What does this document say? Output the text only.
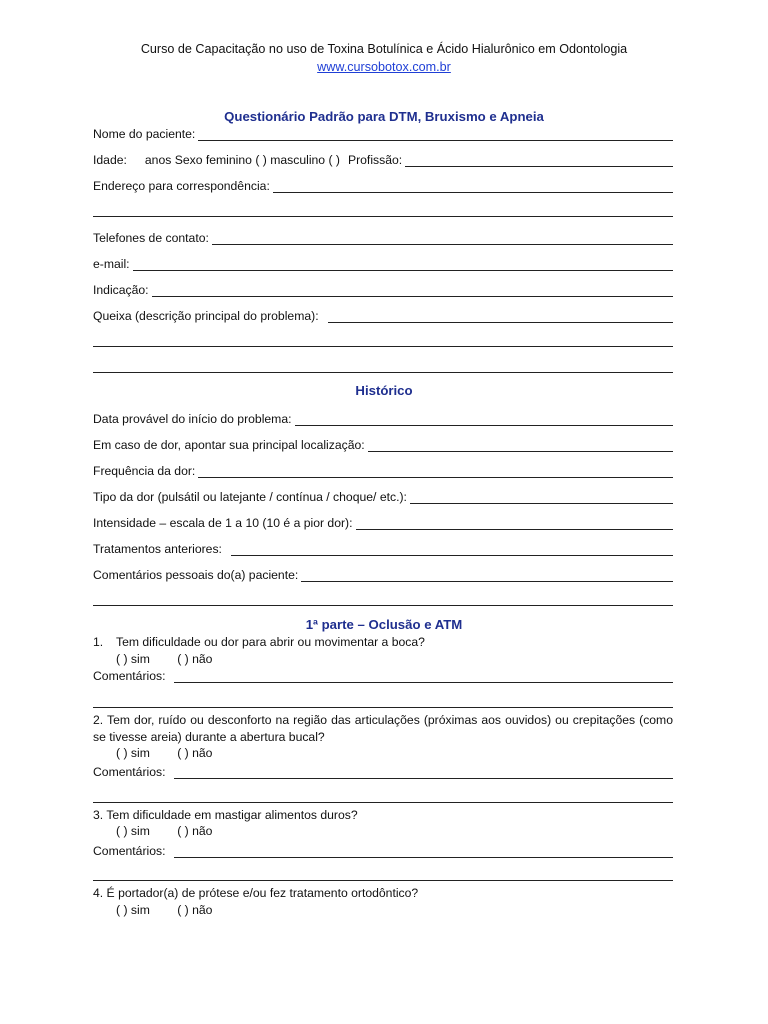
Curso de Capacitação no uso de Toxina Botulínica e Ácido Hialurônico em Odontologia
www.cursobotox.com.br
Questionário Padrão para DTM, Bruxismo e Apneia
Nome do paciente:
Idade: anos Sexo feminino ( ) masculino ( ) Profissão:
Endereço para correspondência:
Telefones de contato:
e-mail:
Indicação:
Queixa (descrição principal do problema):
Histórico
Data provável do início do problema:
Em caso de dor, apontar sua principal localização:
Frequência da dor:
Tipo da dor (pulsátil ou latejante / contínua / choque/ etc.):
Intensidade – escala de 1 a 10 (10 é a pior dor):
Tratamentos anteriores:
Comentários pessoais do(a) paciente:
1ª parte – Oclusão e ATM
1. Tem dificuldade ou dor para abrir ou movimentar a boca?
( ) sim ( ) não
Comentários:
2. Tem dor, ruído ou desconforto na região das articulações (próximas aos ouvidos) ou crepitações (como se tivesse areia) durante a abertura bucal?
( ) sim ( ) não
Comentários:
3. Tem dificuldade em mastigar alimentos duros?
( ) sim ( ) não
Comentários:
4. É portador(a) de prótese e/ou fez tratamento ortodôntico?
( ) sim ( ) não
